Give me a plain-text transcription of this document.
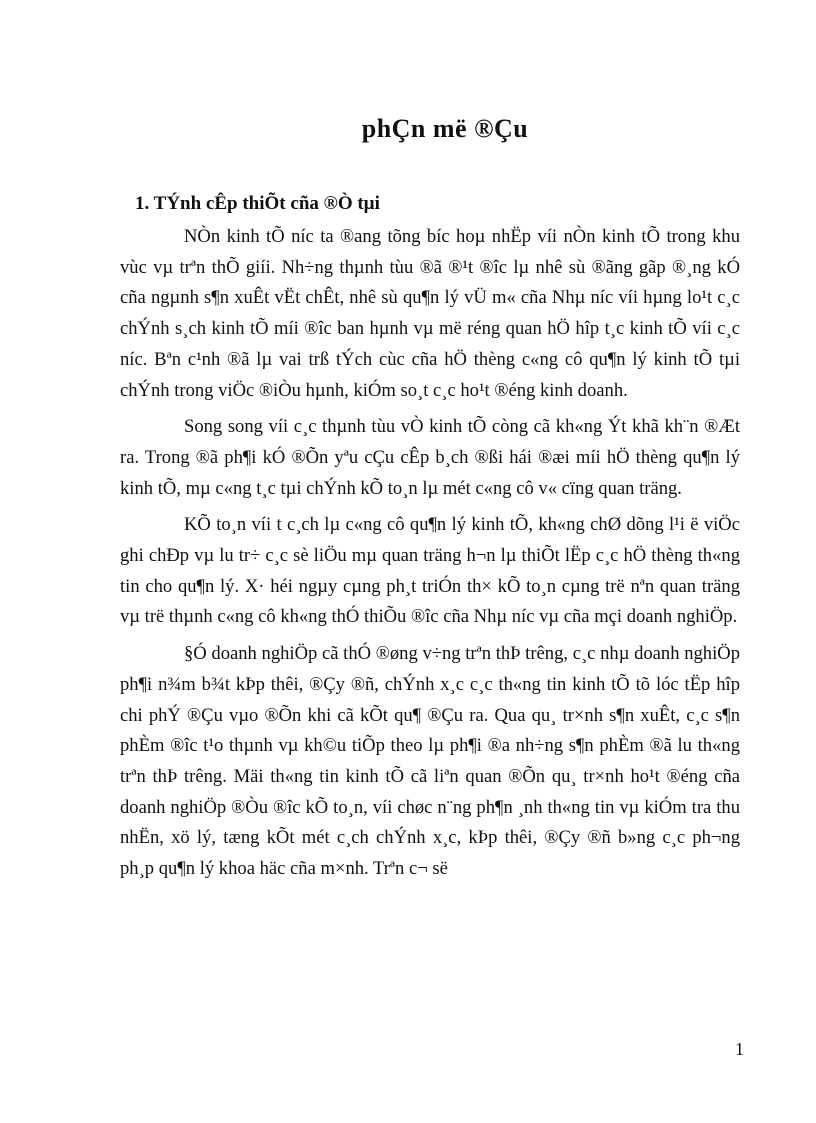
phÇn më ®Çu
1. TÝnh cÊp thiÕt cña ®Ò tµi

NÒn kinh tÕ níc ta ®ang tõng bíc hoµ nhËp víi nÒn kinh tÕ trong khu vùc vµ trªn thÕ giíi. Nh÷ng thµnh tùu ®ã ®¹t ®îc lµ nhê sù ®ãng gãp ®¸ng kÓ cña ngµnh s¶n xuÊt vËt chÊt, nhê sù qu¶n lý vÜ m« cña Nhµ níc víi hµng lo¹t c¸c chÝnh s¸ch kinh tÕ míi ®îc ban hµnh vµ më réng quan hÖ hîp t¸c kinh tÕ víi c¸c níc. Bªn c¹nh ®ã lµ vai trß tÝch cùc cña hÖ thèng c«ng cô qu¶n lý kinh tÕ tµi chÝnh trong viÖc ®iÒu hµnh, kiÓm so¸t c¸c ho¹t ®éng kinh doanh.

Song song víi c¸c thµnh tùu vÒ kinh tÕ còng cã kh«ng Ýt khã kh¨n ®Æt ra. Trong ®ã ph¶i kÓ ®Õn yªu cÇu cÊp b¸ch ®ßi hái ®æi míi hÖ thèng qu¶n lý kinh tÕ, mµ c«ng t¸c tµi chÝnh kÕ to¸n lµ mét c«ng cô v« cïng quan träng.

KÕ to¸n víi t c¸ch lµ c«ng cô qu¶n lý kinh tÕ, kh«ng chØ dõng l¹i ë viÖc ghi chÐp vµ lu tr÷ c¸c sè liÖu mµ quan träng h¬n lµ thiÕt lËp c¸c hÖ thèng th«ng tin cho qu¶n lý. X· héi ngµy cµng ph¸t triÓn th× kÕ to¸n cµng trë nªn quan träng vµ trë thµnh c«ng cô kh«ng thÓ thiÕu ®îc cña Nhµ níc vµ cña mçi doanh nghiÖp.

§Ó doanh nghiÖp cã thÓ ®øng v÷ng trªn thÞ trêng, c¸c nhµ doanh nghiÖp ph¶i n¾m b¾t kÞp thêi, ®Çy ®ñ, chÝnh x¸c c¸c th«ng tin kinh tÕ tõ lóc tËp hîp chi phÝ ®Çu vµo ®Õn khi cã kÕt qu¶ ®Çu ra. Qua qu¸ tr×nh s¶n xuÊt, c¸c s¶n phÈm ®îc t¹o thµnh vµ kh©u tiÕp theo lµ ph¶i ®a nh÷ng s¶n phÈm ®ã lu th«ng trªn thÞ trêng. Mäi th«ng tin kinh tÕ cã liªn quan ®Õn qu¸ tr×nh ho¹t ®éng cña doanh nghiÖp ®Òu ®îc kÕ to¸n, víi chøc n¨ng ph¶n ¸nh th«ng tin vµ kiÓm tra thu nhËn, xö lý, tæng kÕt mét c¸ch chÝnh x¸c, kÞp thêi, ®Çy ®ñ b»ng c¸c ph¬ng ph¸p qu¶n lý khoa häc cña m×nh. Trªn c¬ së

1
